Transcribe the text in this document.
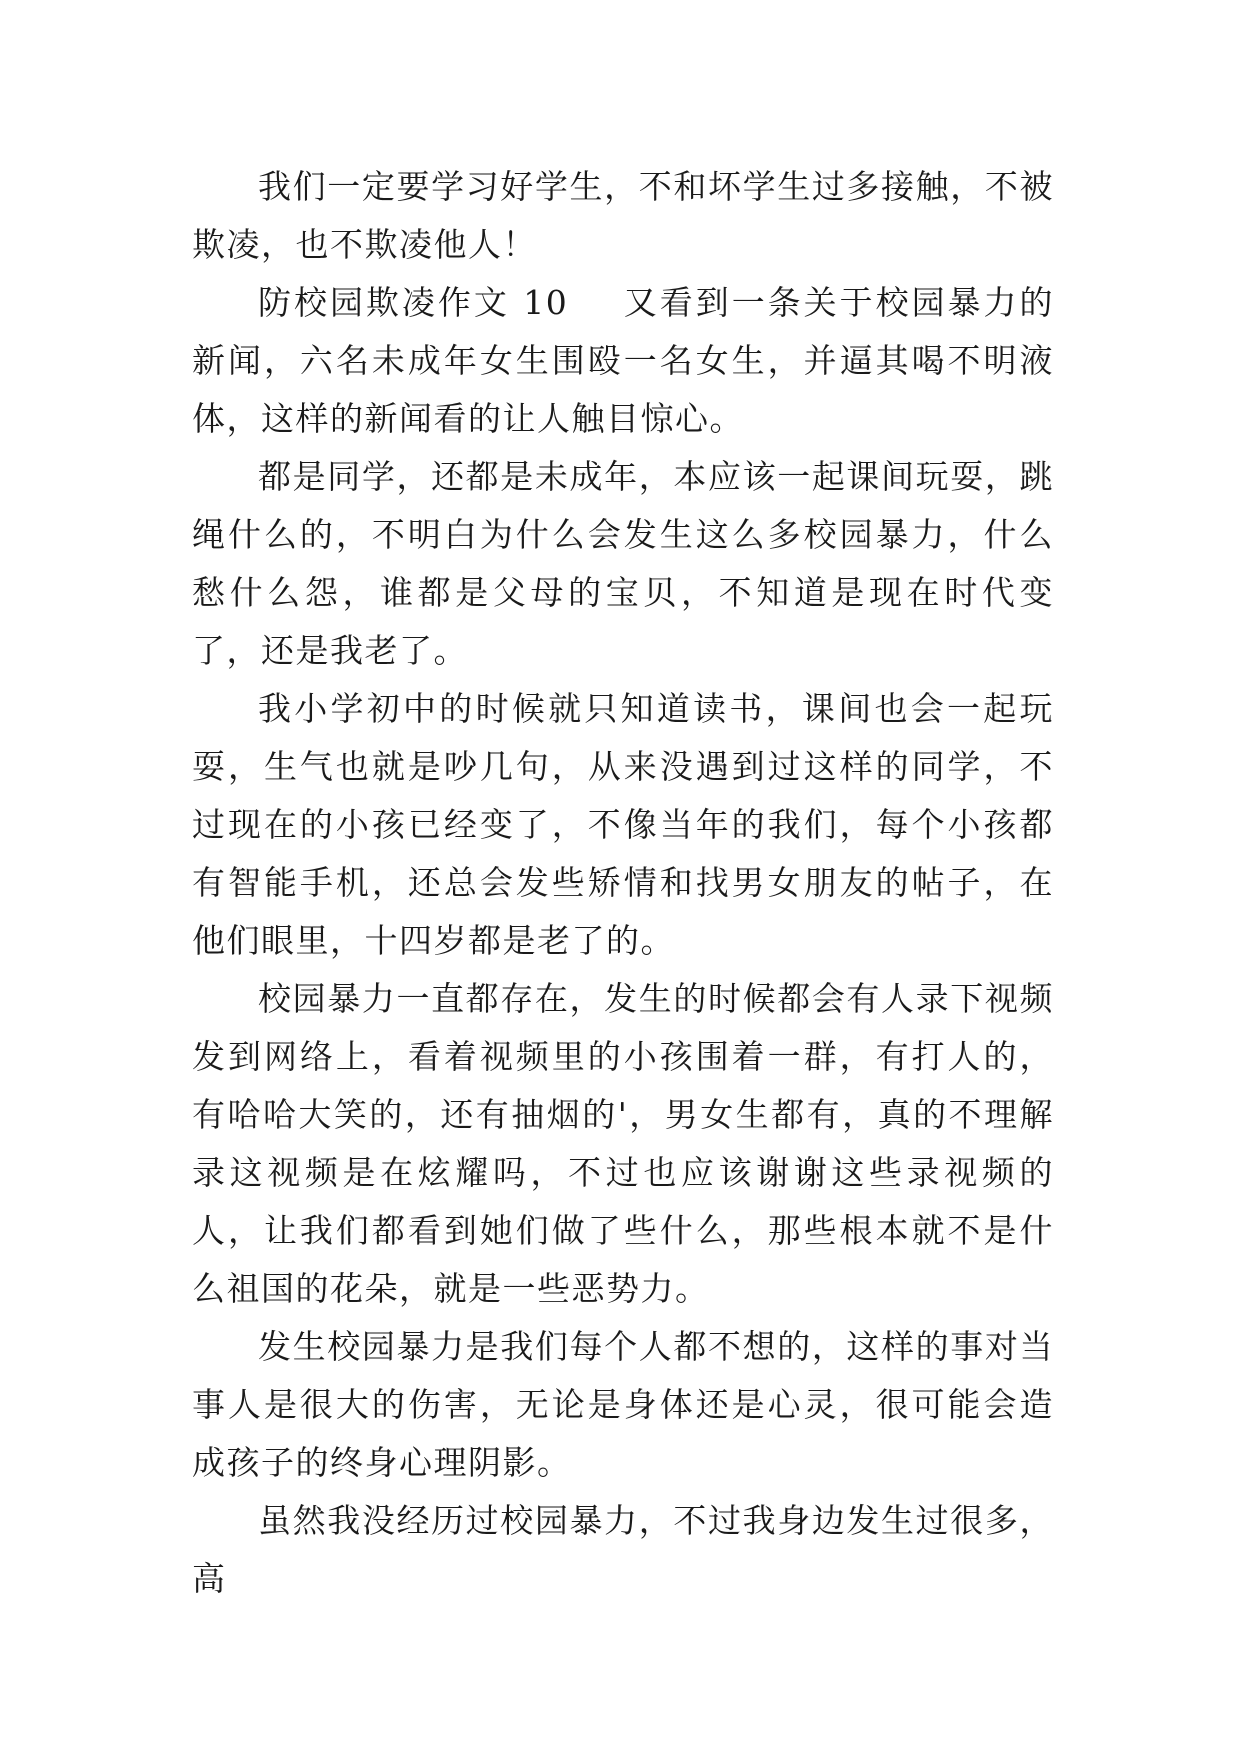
我们一定要学习好学生，不和坏学生过多接触，不被欺凌，也不欺凌他人！

防校园欺凌作文 10 又看到一条关于校园暴力的新闻，六名未成年女生围殴一名女生，并逼其喝不明液体，这样的新闻看的让人触目惊心。

都是同学，还都是未成年，本应该一起课间玩耍，跳绳什么的，不明白为什么会发生这么多校园暴力，什么愁什么怨，谁都是父母的宝贝，不知道是现在时代变了，还是我老了。

我小学初中的时候就只知道读书，课间也会一起玩耍，生气也就是吵几句，从来没遇到过这样的同学，不过现在的小孩已经变了，不像当年的我们，每个小孩都有智能手机，还总会发些矫情和找男女朋友的帖子，在他们眼里，十四岁都是老了的。

校园暴力一直都存在，发生的时候都会有人录下视频发到网络上，看着视频里的小孩围着一群，有打人的，有哈哈大笑的，还有抽烟的'，男女生都有，真的不理解录这视频是在炫耀吗，不过也应该谢谢这些录视频的人，让我们都看到她们做了些什么，那些根本就不是什么祖国的花朵，就是一些恶势力。

发生校园暴力是我们每个人都不想的，这样的事对当事人是很大的伤害，无论是身体还是心灵，很可能会造成孩子的终身心理阴影。

虽然我没经历过校园暴力，不过我身边发生过很多，高
